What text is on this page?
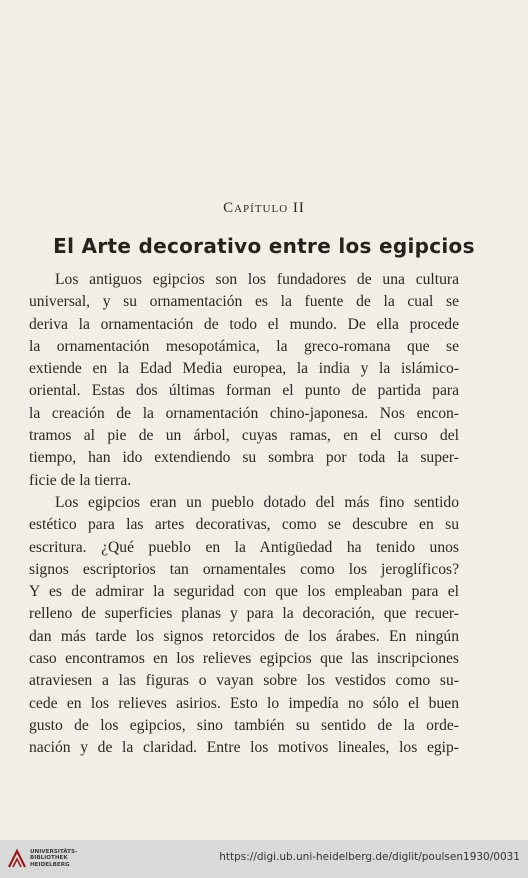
Capítulo II
El Arte decorativo entre los egipcios
Los antiguos egipcios son los fundadores de una cultura
universal, y su ornamentación es la fuente de la cual se
deriva la ornamentación de todo el mundo. De ella procede
la ornamentación mesopotámica, la greco-romana que se
extiende en la Edad Media europea, la india y la islámico-
oriental. Estas dos últimas forman el punto de partida para
la creación de la ornamentación chino-japonesa. Nos encon-
tramos al pie de un árbol, cuyas ramas, en el curso del
tiempo, han ido extendiendo su sombra por toda la super-
ficie de la tierra.
Los egipcios eran un pueblo dotado del más fino sentido
estético para las artes decorativas, como se descubre en su
escritura. ¿Qué pueblo en la Antigüedad ha tenido unos
signos escriptorios tan ornamentales como los jeroglíficos?
Y es de admirar la seguridad con que los empleaban para el
relleno de superficies planas y para la decoración, que recuer-
dan más tarde los signos retorcidos de los árabes. En ningún
caso encontramos en los relieves egipcios que las inscripciones
atraviesen a las figuras o vayan sobre los vestidos como su-
cede en los relieves asirios. Esto lo impedía no sólo el buen
gusto de los egipcios, sino también su sentido de la orde-
nación y de la claridad. Entre los motivos lineales, los egip-
UNIVERSITÄTS-
BIBLIOTHEK
HEIDELBERG
https://digi.ub.uni-heidelberg.de/diglit/poulsen1930/0031
